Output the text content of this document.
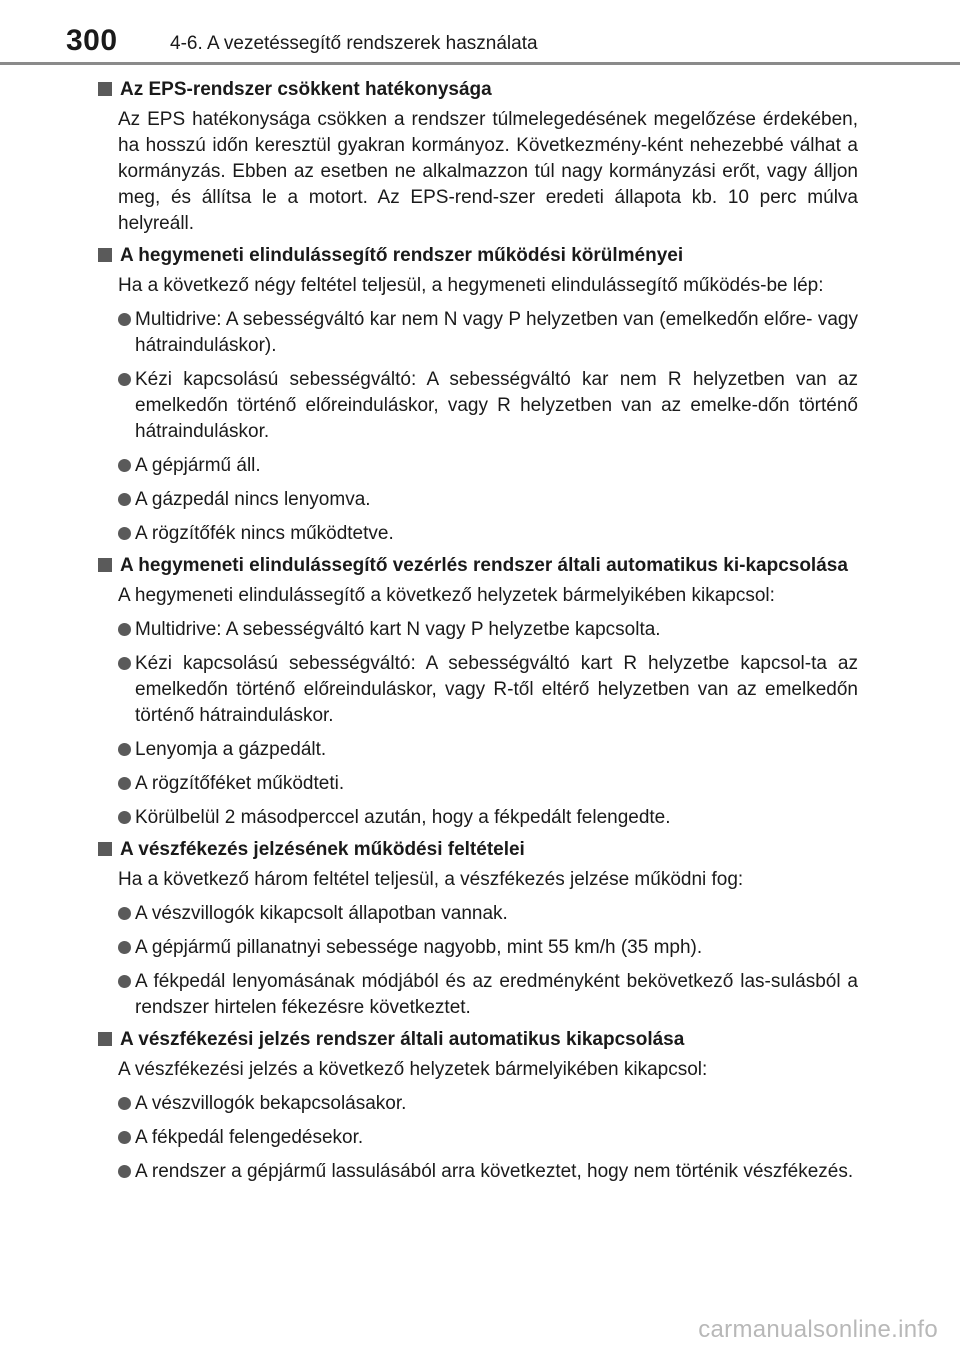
300	4-6. A vezetéssegítő rendszerek használata
Az EPS-rendszer csökkent hatékonysága
Az EPS hatékonysága csökken a rendszer túlmelegedésének megelőzése érdekében, ha hosszú időn keresztül gyakran kormányoz. Következmény-ként nehezebbé válhat a kormányzás. Ebben az esetben ne alkalmazzon túl nagy kormányzási erőt, vagy álljon meg, és állítsa le a motort. Az EPS-rend-szer eredeti állapota kb. 10 perc múlva helyreáll.
A hegymeneti elindulássegítő rendszer működési körülményei
Ha a következő négy feltétel teljesül, a hegymeneti elindulássegítő működés-be lép:
Multidrive: A sebességváltó kar nem N vagy P helyzetben van (emelkedőn előre- vagy hátrainduláskor).
Kézi kapcsolású sebességváltó: A sebességváltó kar nem R helyzetben van az emelkedőn történő előreinduláskor, vagy R helyzetben van az emelke-dőn történő hátrainduláskor.
A gépjármű áll.
A gázpedál nincs lenyomva.
A rögzítőfék nincs működtetve.
A hegymeneti elindulássegítő vezérlés rendszer általi automatikus ki-kapcsolása
A hegymeneti elindulássegítő a következő helyzetek bármelyikében kikapcsol:
Multidrive: A sebességváltó kart N vagy P helyzetbe kapcsolta.
Kézi kapcsolású sebességváltó: A sebességváltó kart R helyzetbe kapcsol-ta az emelkedőn történő előreinduláskor, vagy R-től eltérő helyzetben van az emelkedőn történő hátrainduláskor.
Lenyomja a gázpedált.
A rögzítőféket működteti.
Körülbelül 2 másodperccel azután, hogy a fékpedált felengedte.
A vészfékezés jelzésének működési feltételei
Ha a következő három feltétel teljesül, a vészfékezés jelzése működni fog:
A vészvillogók kikapcsolt állapotban vannak.
A gépjármű pillanatnyi sebessége nagyobb, mint 55 km/h (35 mph).
A fékpedál lenyomásának módjából és az eredményként bekövetkező las-sulásból a rendszer hirtelen fékezésre következtet.
A vészfékezési jelzés rendszer általi automatikus kikapcsolása
A vészfékezési jelzés a következő helyzetek bármelyikében kikapcsol:
A vészvillogók bekapcsolásakor.
A fékpedál felengedésekor.
A rendszer a gépjármű lassulásából arra következtet, hogy nem történik vészfékezés.
carmanualsonline.info
